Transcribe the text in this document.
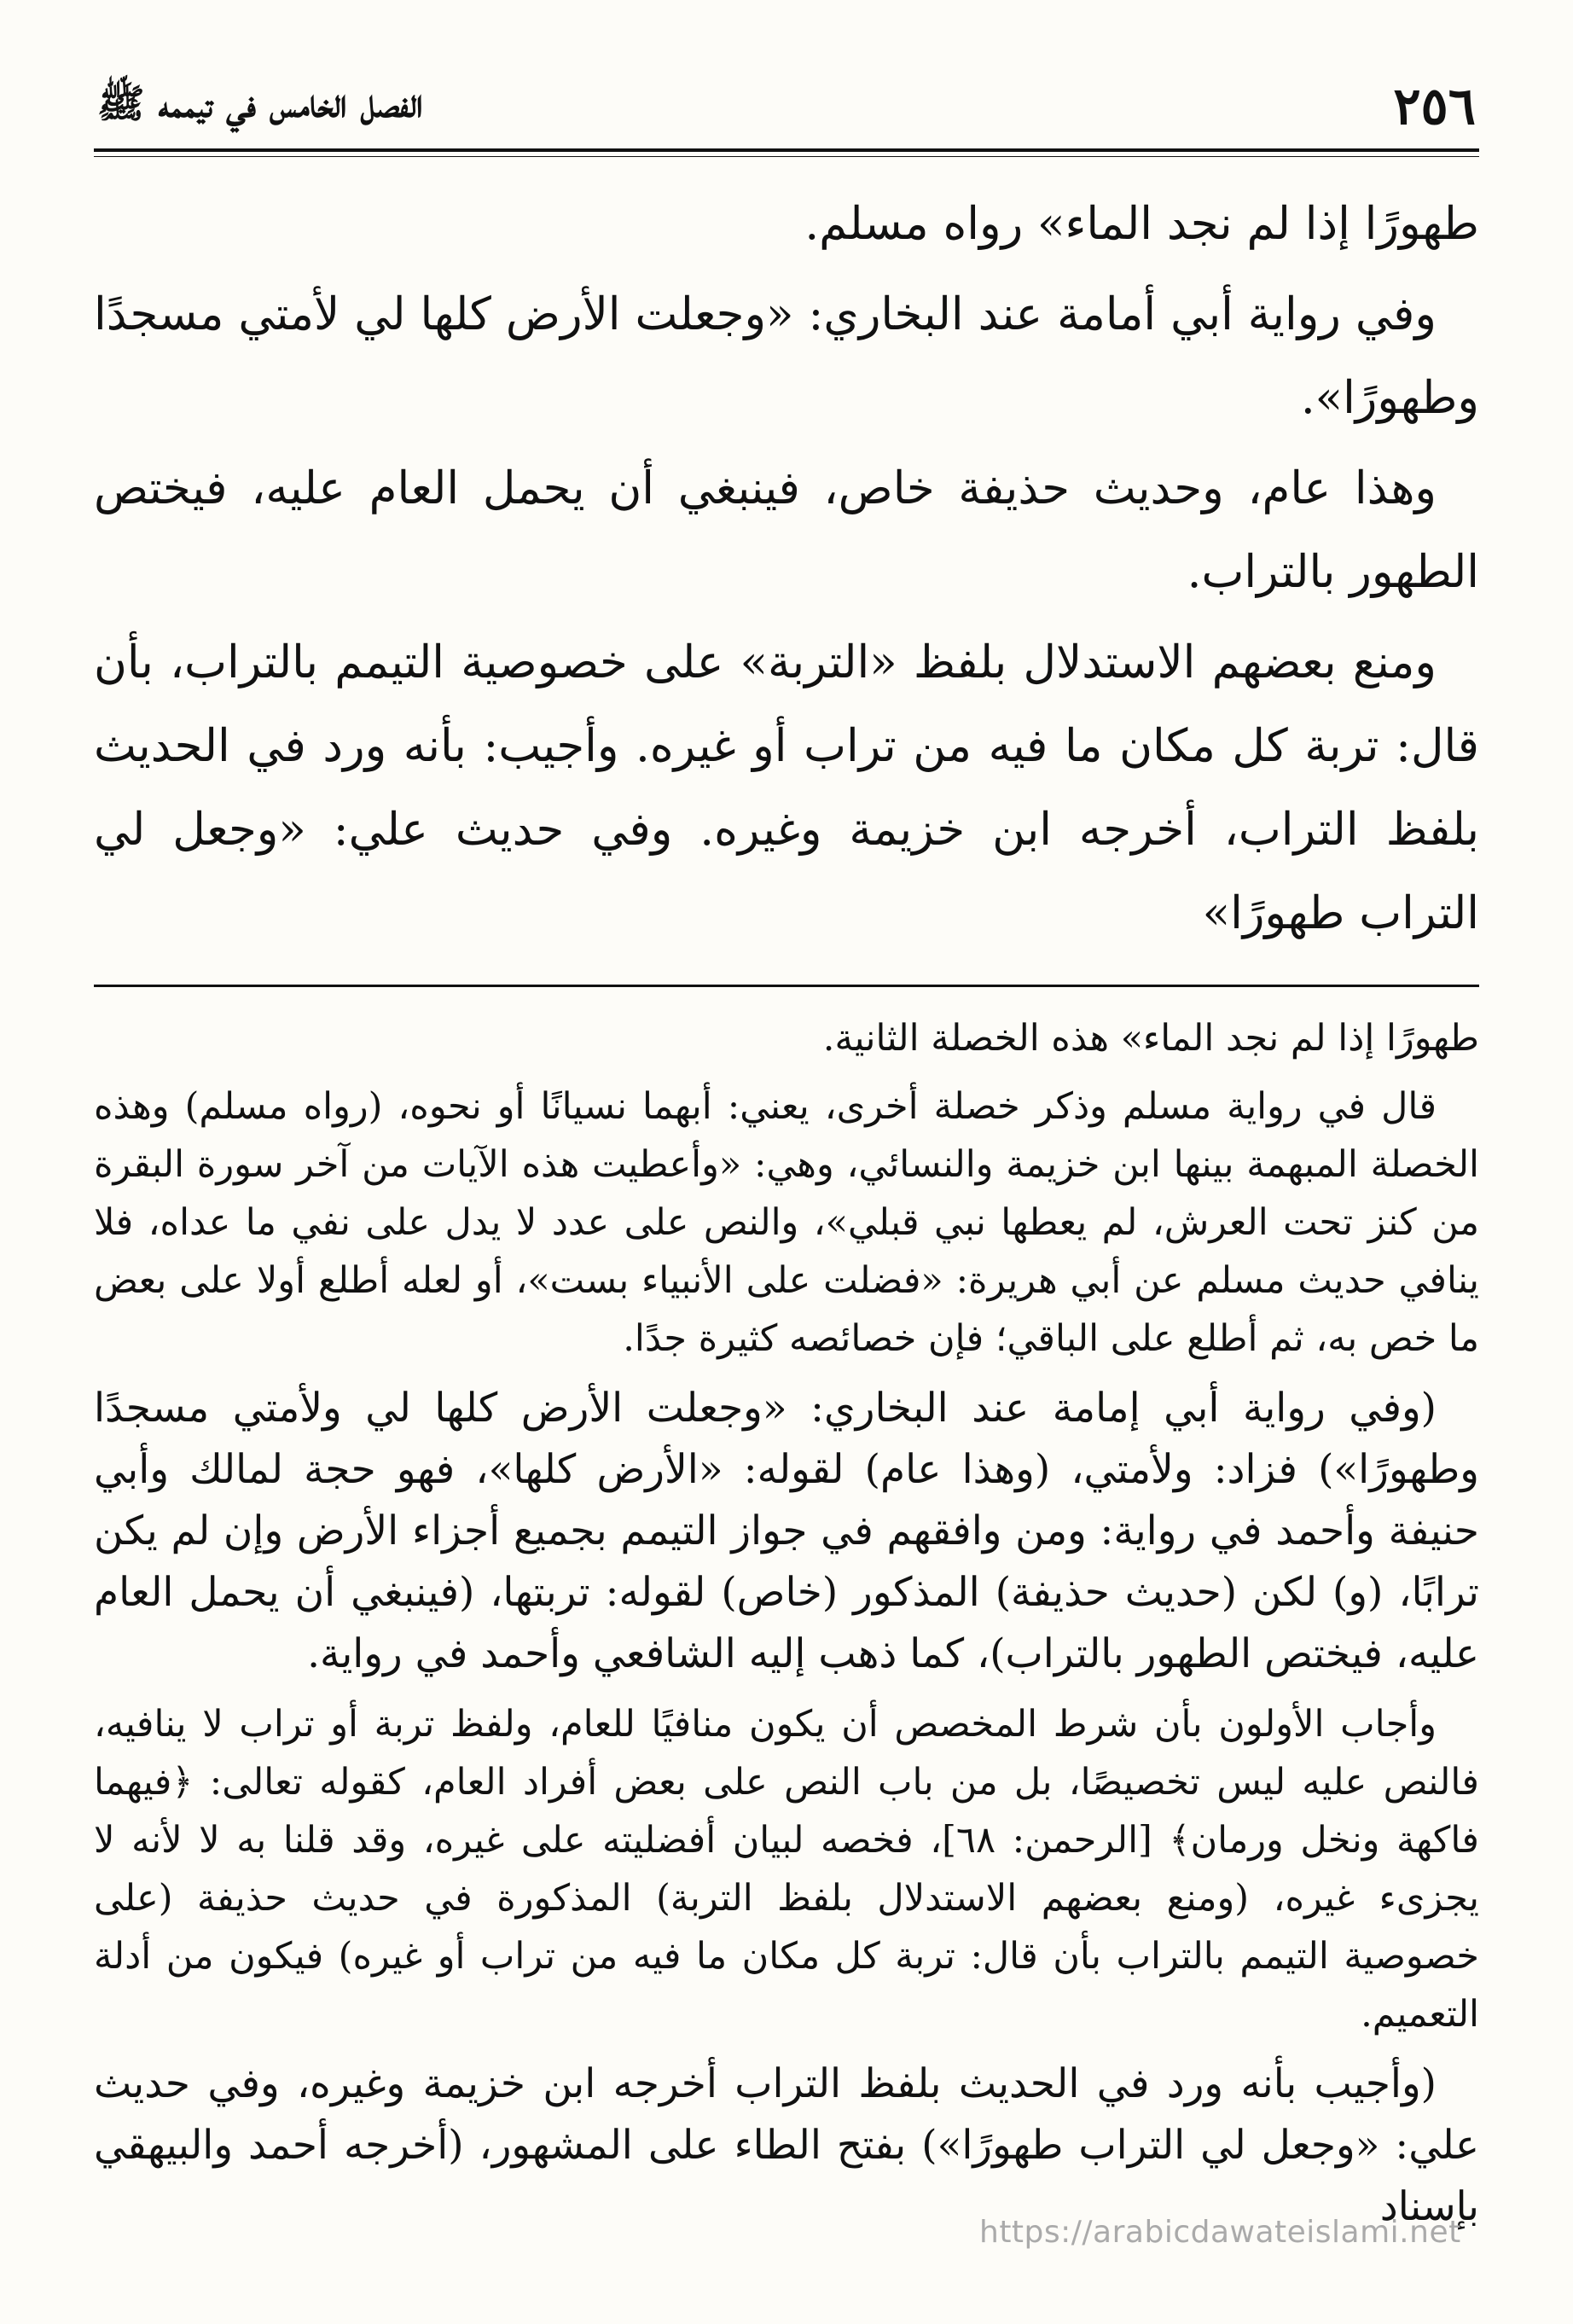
٢٥٦
الفصل الخامس في تيممه ﷺ

طهورًا إذا لم نجد الماء» رواه مسلم.

وفي رواية أبي أمامة عند البخاري: «وجعلت الأرض كلها لي لأمتي مسجدًا وطهورًا».

وهذا عام، وحديث حذيفة خاص، فينبغي أن يحمل العام عليه، فيختص الطهور بالتراب.

ومنع بعضهم الاستدلال بلفظ «التربة» على خصوصية التيمم بالتراب، بأن قال: تربة كل مكان ما فيه من تراب أو غيره. وأجيب: بأنه ورد في الحديث بلفظ التراب، أخرجه ابن خزيمة وغيره. وفي حديث علي: «وجعل لي التراب طهورًا»

طهورًا إذا لم نجد الماء» هذه الخصلة الثانية.

قال في رواية مسلم وذكر خصلة أخرى، يعني: أبهما نسيانًا أو نحوه، (رواه مسلم) وهذه الخصلة المبهمة بينها ابن خزيمة والنسائي، وهي: «وأعطيت هذه الآيات من آخر سورة البقرة من كنز تحت العرش، لم يعطها نبي قبلي»، والنص على عدد لا يدل على نفي ما عداه، فلا ينافي حديث مسلم عن أبي هريرة: «فضلت على الأنبياء بست»، أو لعله أطلع أولا على بعض ما خص به، ثم أطلع على الباقي؛ فإن خصائصه كثيرة جدًا.

(وفي رواية أبي إمامة عند البخاري: «وجعلت الأرض كلها لي ولأمتي مسجدًا وطهورًا») فزاد: ولأمتي، (وهذا عام) لقوله: «الأرض كلها»، فهو حجة لمالك وأبي حنيفة وأحمد في رواية: ومن وافقهم في جواز التيمم بجميع أجزاء الأرض وإن لم يكن ترابًا، (و) لكن (حديث حذيفة) المذكور (خاص) لقوله: تربتها، (فينبغي أن يحمل العام عليه، فيختص الطهور بالتراب)، كما ذهب إليه الشافعي وأحمد في رواية.

وأجاب الأولون بأن شرط المخصص أن يكون منافيًا للعام، ولفظ تربة أو تراب لا ينافيه، فالنص عليه ليس تخصيصًا، بل من باب النص على بعض أفراد العام، كقوله تعالى: ﴿فيهما فاكهة ونخل ورمان﴾ [الرحمن: ٦٨]، فخصه لبيان أفضليته على غيره، وقد قلنا به لا لأنه لا يجزىء غيره، (ومنع بعضهم الاستدلال بلفظ التربة) المذكورة في حديث حذيفة (على خصوصية التيمم بالتراب بأن قال: تربة كل مكان ما فيه من تراب أو غيره) فيكون من أدلة التعميم.

(وأجيب بأنه ورد في الحديث بلفظ التراب أخرجه ابن خزيمة وغيره، وفي حديث علي: «وجعل لي التراب طهورًا») بفتح الطاء على المشهور، (أخرجه أحمد والبيهقي بإسناد

https://arabicdawateislami.net
